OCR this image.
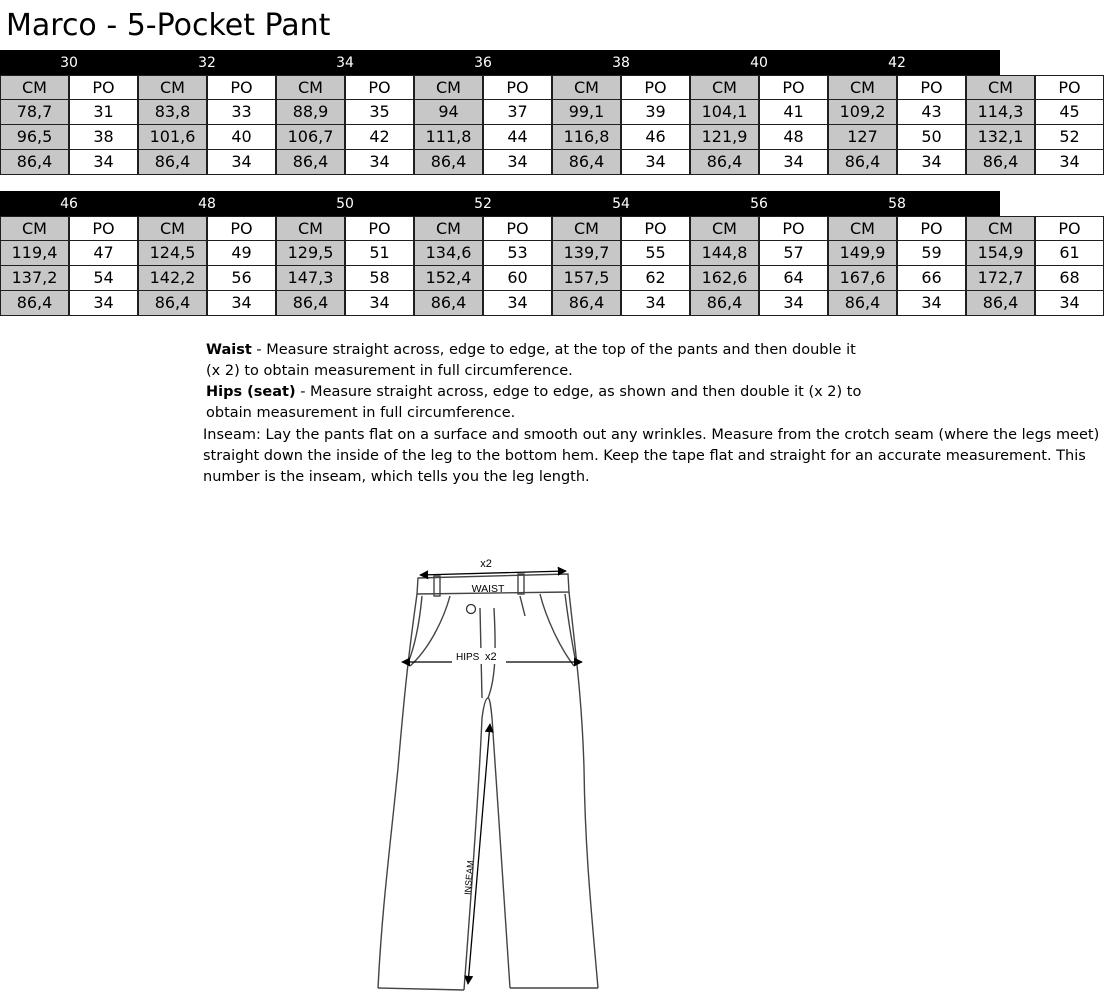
Marco - 5-Pocket Pant
30	32	34	36	38	40	42	44
CM	PO	CM	PO	CM	PO	CM	PO	CM	PO	CM	PO	CM	PO	CM	PO
78,7	31	83,8	33	88,9	35	94	37	99,1	39	104,1	41	109,2	43	114,3	45
96,5	38	101,6	40	106,7	42	111,8	44	116,8	46	121,9	48	127	50	132,1	52
86,4	34	86,4	34	86,4	34	86,4	34	86,4	34	86,4	34	86,4	34	86,4	34
46	48	50	52	54	56	58	60
CM	PO	CM	PO	CM	PO	CM	PO	CM	PO	CM	PO	CM	PO	CM	PO
119,4	47	124,5	49	129,5	51	134,6	53	139,7	55	144,8	57	149,9	59	154,9	61
137,2	54	142,2	56	147,3	58	152,4	60	157,5	62	162,6	64	167,6	66	172,7	68
86,4	34	86,4	34	86,4	34	86,4	34	86,4	34	86,4	34	86,4	34	86,4	34

Waist - Measure straight across, edge to edge, at the top of the pants and then double it

(x 2) to obtain measurement in full circumference.

Hips (seat) - Measure straight across, edge to edge, as shown and then double it (x 2) to

obtain measurement in full circumference.

Inseam: Lay the pants flat on a surface and smooth out any wrinkles. Measure from the crotch seam (where the legs meet)

straight down the inside of the leg to the bottom hem. Keep the tape flat and straight for an accurate measurement. This

number is the inseam, which tells you the leg length.

x2
WAIST
HIPS x2
INSEAM
